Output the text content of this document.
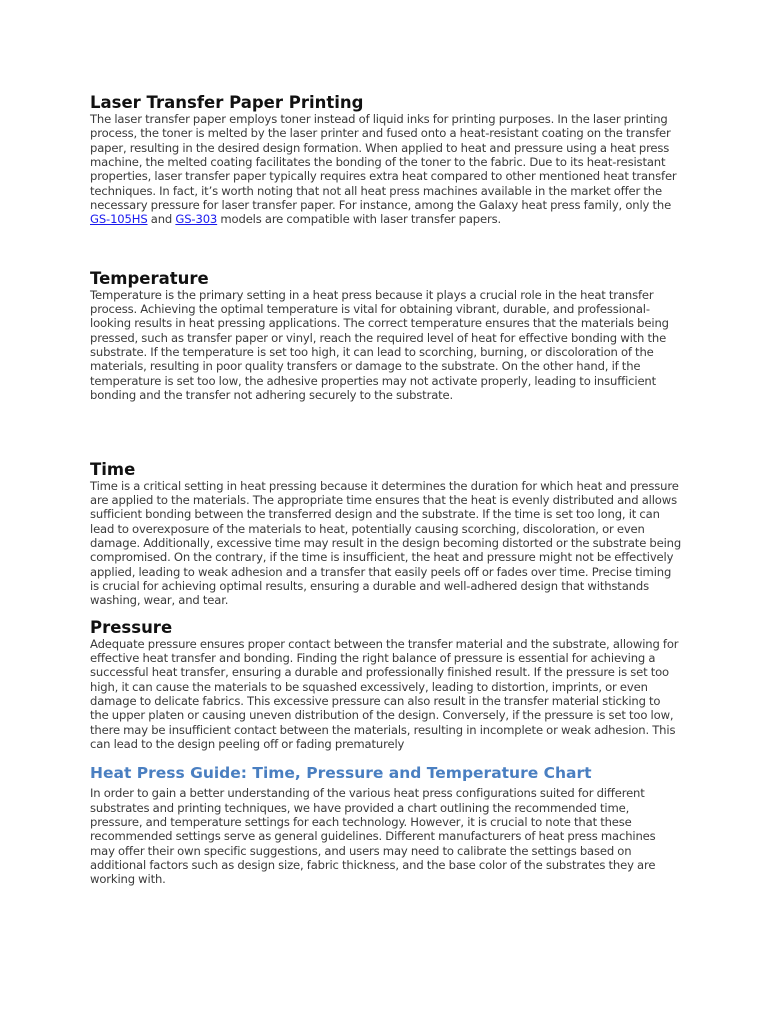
Laser Transfer Paper Printing

The laser transfer paper employs toner instead of liquid inks for printing purposes. In the laser printing process, the toner is melted by the laser printer and fused onto a heat-resistant coating on the transfer paper, resulting in the desired design formation. When applied to heat and pressure using a heat press machine, the melted coating facilitates the bonding of the toner to the fabric. Due to its heat-resistant properties, laser transfer paper typically requires extra heat compared to other mentioned heat transfer techniques. In fact, it’s worth noting that not all heat press machines available in the market offer the necessary pressure for laser transfer paper. For instance, among the Galaxy heat press family, only the GS-105HS and GS-303 models are compatible with laser transfer papers.

Temperature

Temperature is the primary setting in a heat press because it plays a crucial role in the heat transfer process. Achieving the optimal temperature is vital for obtaining vibrant, durable, and professional-looking results in heat pressing applications. The correct temperature ensures that the materials being pressed, such as transfer paper or vinyl, reach the required level of heat for effective bonding with the substrate. If the temperature is set too high, it can lead to scorching, burning, or discoloration of the materials, resulting in poor quality transfers or damage to the substrate. On the other hand, if the temperature is set too low, the adhesive properties may not activate properly, leading to insufficient bonding and the transfer not adhering securely to the substrate.

Time

Time is a critical setting in heat pressing because it determines the duration for which heat and pressure are applied to the materials. The appropriate time ensures that the heat is evenly distributed and allows sufficient bonding between the transferred design and the substrate. If the time is set too long, it can lead to overexposure of the materials to heat, potentially causing scorching, discoloration, or even damage. Additionally, excessive time may result in the design becoming distorted or the substrate being compromised. On the contrary, if the time is insufficient, the heat and pressure might not be effectively applied, leading to weak adhesion and a transfer that easily peels off or fades over time. Precise timing is crucial for achieving optimal results, ensuring a durable and well-adhered design that withstands washing, wear, and tear.

Pressure

Adequate pressure ensures proper contact between the transfer material and the substrate, allowing for effective heat transfer and bonding. Finding the right balance of pressure is essential for achieving a successful heat transfer, ensuring a durable and professionally finished result. If the pressure is set too high, it can cause the materials to be squashed excessively, leading to distortion, imprints, or even damage to delicate fabrics. This excessive pressure can also result in the transfer material sticking to the upper platen or causing uneven distribution of the design. Conversely, if the pressure is set too low, there may be insufficient contact between the materials, resulting in incomplete or weak adhesion. This can lead to the design peeling off or fading prematurely

Heat Press Guide: Time, Pressure and Temperature Chart

In order to gain a better understanding of the various heat press configurations suited for different substrates and printing techniques, we have provided a chart outlining the recommended time, pressure, and temperature settings for each technology. However, it is crucial to note that these recommended settings serve as general guidelines. Different manufacturers of heat press machines may offer their own specific suggestions, and users may need to calibrate the settings based on additional factors such as design size, fabric thickness, and the base color of the substrates they are working with.
